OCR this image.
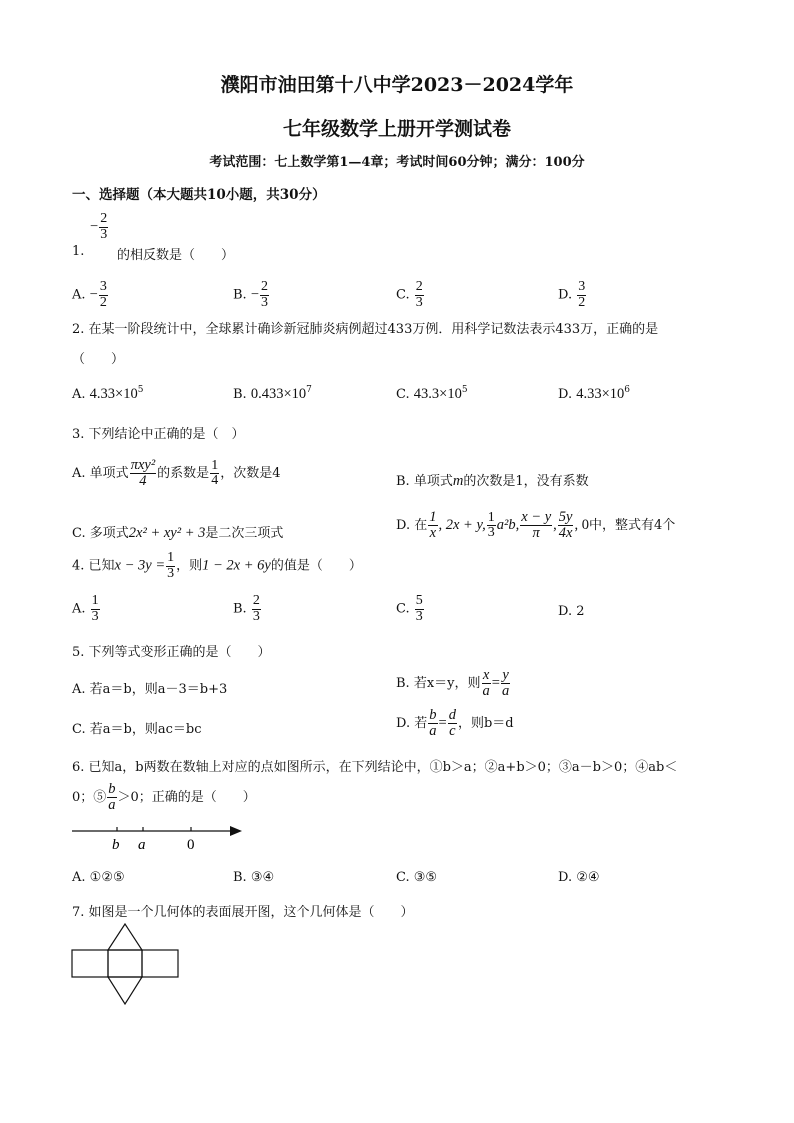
濮阳市油田第十八中学2023－2024学年
七年级数学上册开学测试卷
考试范围：七上数学第1—4章；考试时间60分钟；满分：100分
一、选择题（本大题共10小题，共30分）
− $\frac{2}{3}$
1.	的相反数是（　　）
A. − $\frac{3}{2}$	B. − $\frac{2}{3}$	C. $\frac{2}{3}$	D. $\frac{3}{2}$
2. 在某一阶段统计中，全球累计确诊新冠肺炎病例超过433万例．用科学记数法表示433万，正确的是
（　　）
A. $4.33\times 10^5$	B. $0.433\times 10^7$	C. $43.3\times 10^5$	D. $4.33\times 10^6$
3. 下列结论中正确的是（　）
A. 单项式 $\frac{\text{πxy²}}{4}$ 的系数是 $\frac{1}{4}$ ，次数是4
B. 单项式m的次数是1，没有系数
C. 多项式2x² + xy² + 3是二次三项式
D. 在 $\frac{1}{x}$ , 2x + y, $\frac{1}{3} a^2b$, $\frac{x - y}{\pi}$ , $\frac{5y}{4x}$ , 0中，整式有4个
4. 已知$x - 3y = \frac{1}{3}$ ，则1 − 2x + 6y的值是（　　）
A. $\frac{1}{3}$	B. $\frac{2}{3}$	C. $\frac{5}{3}$	D. 2
5. 下列等式变形正确的是（　　）
A. 若a＝b，则a－3＝b+3	B. 若x＝y，则 $\frac{x}{a} = \frac{y}{a}$
C. 若a＝b，则ac＝bc	D. 若 $\frac{b}{a} = \frac{d}{c}$ ，则b＝d
6. 已知a，b两数在数轴上对应的点如图所示，在下列结论中，①b＞a；②a+b＞0；③a－b＞0；④ab＜
0；⑤ $\frac{b}{a} >0$；正确的是（　　）
b a	0
A. ①②⑤	B. ③④	C. ③⑤	D. ②④
7. 如图是一个几何体的表面展开图，这个几何体是（　　）
